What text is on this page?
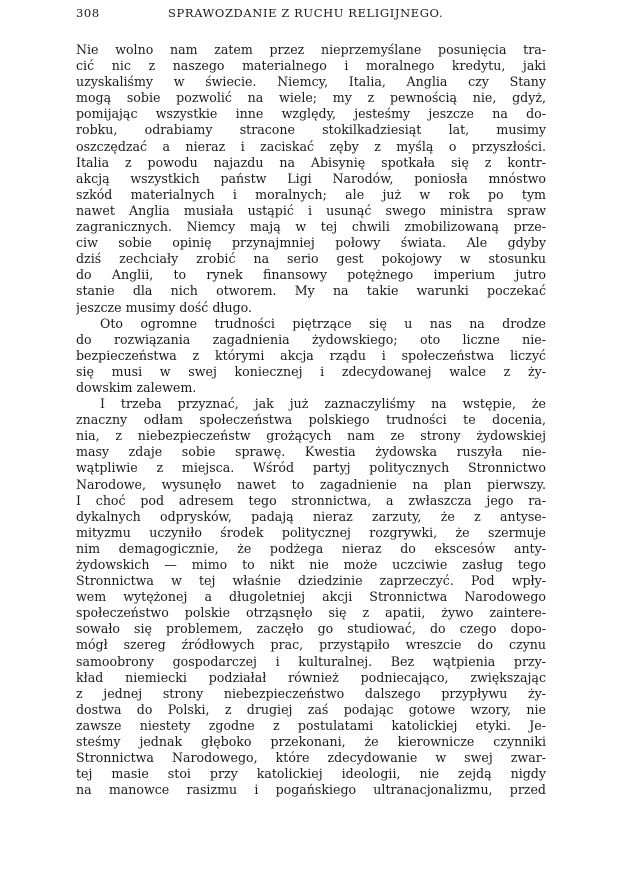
308	SPRAWOZDANIE Z RUCHU RELIGIJNEGO.
Nie wolno nam zatem przez nieprzemyślane posunięcia tra-
cić nic z naszego materialnego i moralnego kredytu, jaki
uzyskaliśmy w świecie. Niemcy, Italia, Anglia czy Stany
mogą sobie pozwolić na wiele; my z pewnością nie, gdyż,
pomijając wszystkie inne względy, jesteśmy jeszcze na do-
robku, odrabiamy stracone stokilkadziesiąt lat, musimy
oszczędzać a nieraz i zaciskać zęby z myślą o przyszłości.
Italia z powodu najazdu na Abisynię spotkała się z kontr-
akcją wszystkich państw Ligi Narodów, poniosła mnóstwo
szkód materialnych i moralnych; ale już w rok po tym
nawet Anglia musiała ustąpić i usunąć swego ministra spraw
zagranicznych. Niemcy mają w tej chwili zmobilizowaną prze-
ciw sobie opinię przynajmniej połowy świata. Ale gdyby
dziś zechciały zrobić na serio gest pokojowy w stosunku
do Anglii, to rynek finansowy potężnego imperium jutro
stanie dla nich otworem. My na takie warunki poczekać
jeszcze musimy dość długo.
Oto ogromne trudności piętrzące się u nas na drodze
do rozwiązania zagadnienia żydowskiego; oto liczne nie-
bezpieczeństwa z którymi akcja rządu i społeczeństwa liczyć
się musi w swej koniecznej i zdecydowanej walce z ży-
dowskim zalewem.
I trzeba przyznać, jak już zaznaczyliśmy na wstępie, że
znaczny odłam społeczeństwa polskiego trudności te docenia,
nia, z niebezpieczeństw grożących nam ze strony żydowskiej
masy zdaje sobie sprawę. Kwestia żydowska ruszyła nie-
wątpliwie z miejsca. Wśród partyj politycznych Stronnictwo
Narodowe, wysunęło nawet to zagadnienie na plan pierwszy.
I choć pod adresem tego stronnictwa, a zwłaszcza jego ra-
dykalnych odprysków, padają nieraz zarzuty, że z antyse-
mityzmu uczyniło środek politycznej rozgrywki, że szermuje
nim demagogicznie, że podżega nieraz do ekscesów anty-
żydowskich — mimo to nikt nie może uczciwie zasług tego
Stronnictwa w tej właśnie dziedzinie zaprzeczyć. Pod wpły-
wem wytężonej a długoletniej akcji Stronnictwa Narodowego
społeczeństwo polskie otrząsnęło się z apatii, żywo zaintere-
sowało się problemem, zaczęło go studiować, do czego dopo-
mógł szereg źródłowych prac, przystąpiło wreszcie do czynu
samoobrony gospodarczej i kulturalnej. Bez wątpienia przy-
kład niemiecki podziałał również podniecająco, zwiększając
z jednej strony niebezpieczeństwo dalszego przypływu ży-
dostwa do Polski, z drugiej zaś podając gotowe wzory, nie
zawsze niestety zgodne z postulatami katolickiej etyki. Je-
steśmy jednak głęboko przekonani, że kierownicze czynniki
Stronnictwa Narodowego, które zdecydowanie w swej zwar-
tej masie stoi przy katolickiej ideologii, nie zejdą nigdy
na manowce rasizmu i pogańskiego ultranacjonalizmu, przed
